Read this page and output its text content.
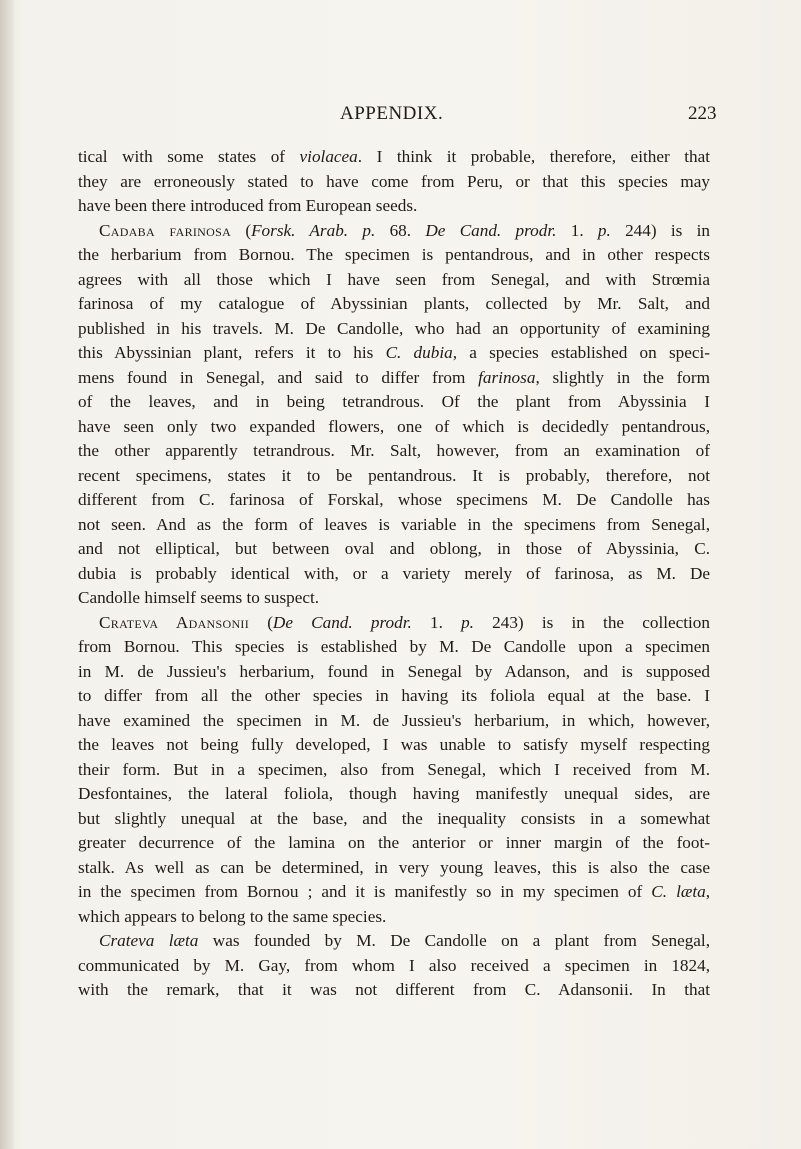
APPENDIX.	223
tical with some states of violacea. I think it probable, therefore, either that
they are erroneously stated to have come from Peru, or that this species may
have been there introduced from European seeds.
Cadaba farinosa (Forsk. Arab. p. 68. De Cand. prodr. 1. p. 244) is in
the herbarium from Bornou. The specimen is pentandrous, and in other respects
agrees with all those which I have seen from Senegal, and with Strœmia
farinosa of my catalogue of Abyssinian plants, collected by Mr. Salt, and
published in his travels. M. De Candolle, who had an opportunity of examining
this Abyssinian plant, refers it to his C. dubia, a species established on speci-
mens found in Senegal, and said to differ from farinosa, slightly in the form
of the leaves, and in being tetrandrous. Of the plant from Abyssinia I
have seen only two expanded flowers, one of which is decidedly pentandrous,
the other apparently tetrandrous. Mr. Salt, however, from an examination of
recent specimens, states it to be pentandrous. It is probably, therefore, not
different from C. farinosa of Forskal, whose specimens M. De Candolle has
not seen. And as the form of leaves is variable in the specimens from Senegal,
and not elliptical, but between oval and oblong, in those of Abyssinia, C.
dubia is probably identical with, or a variety merely of farinosa, as M. De
Candolle himself seems to suspect.
Crateva Adansonii (De Cand. prodr. 1. p. 243) is in the collection
from Bornou. This species is established by M. De Candolle upon a specimen
in M. de Jussieu's herbarium, found in Senegal by Adanson, and is supposed
to differ from all the other species in having its foliola equal at the base. I
have examined the specimen in M. de Jussieu's herbarium, in which, however,
the leaves not being fully developed, I was unable to satisfy myself respecting
their form. But in a specimen, also from Senegal, which I received from M.
Desfontaines, the lateral foliola, though having manifestly unequal sides, are
but slightly unequal at the base, and the inequality consists in a somewhat
greater decurrence of the lamina on the anterior or inner margin of the foot-
stalk. As well as can be determined, in very young leaves, this is also the case
in the specimen from Bornou ; and it is manifestly so in my specimen of C. læta,
which appears to belong to the same species.
Crateva læta was founded by M. De Candolle on a plant from Senegal,
communicated by M. Gay, from whom I also received a specimen in 1824,
with the remark, that it was not different from C. Adansonii. In that
